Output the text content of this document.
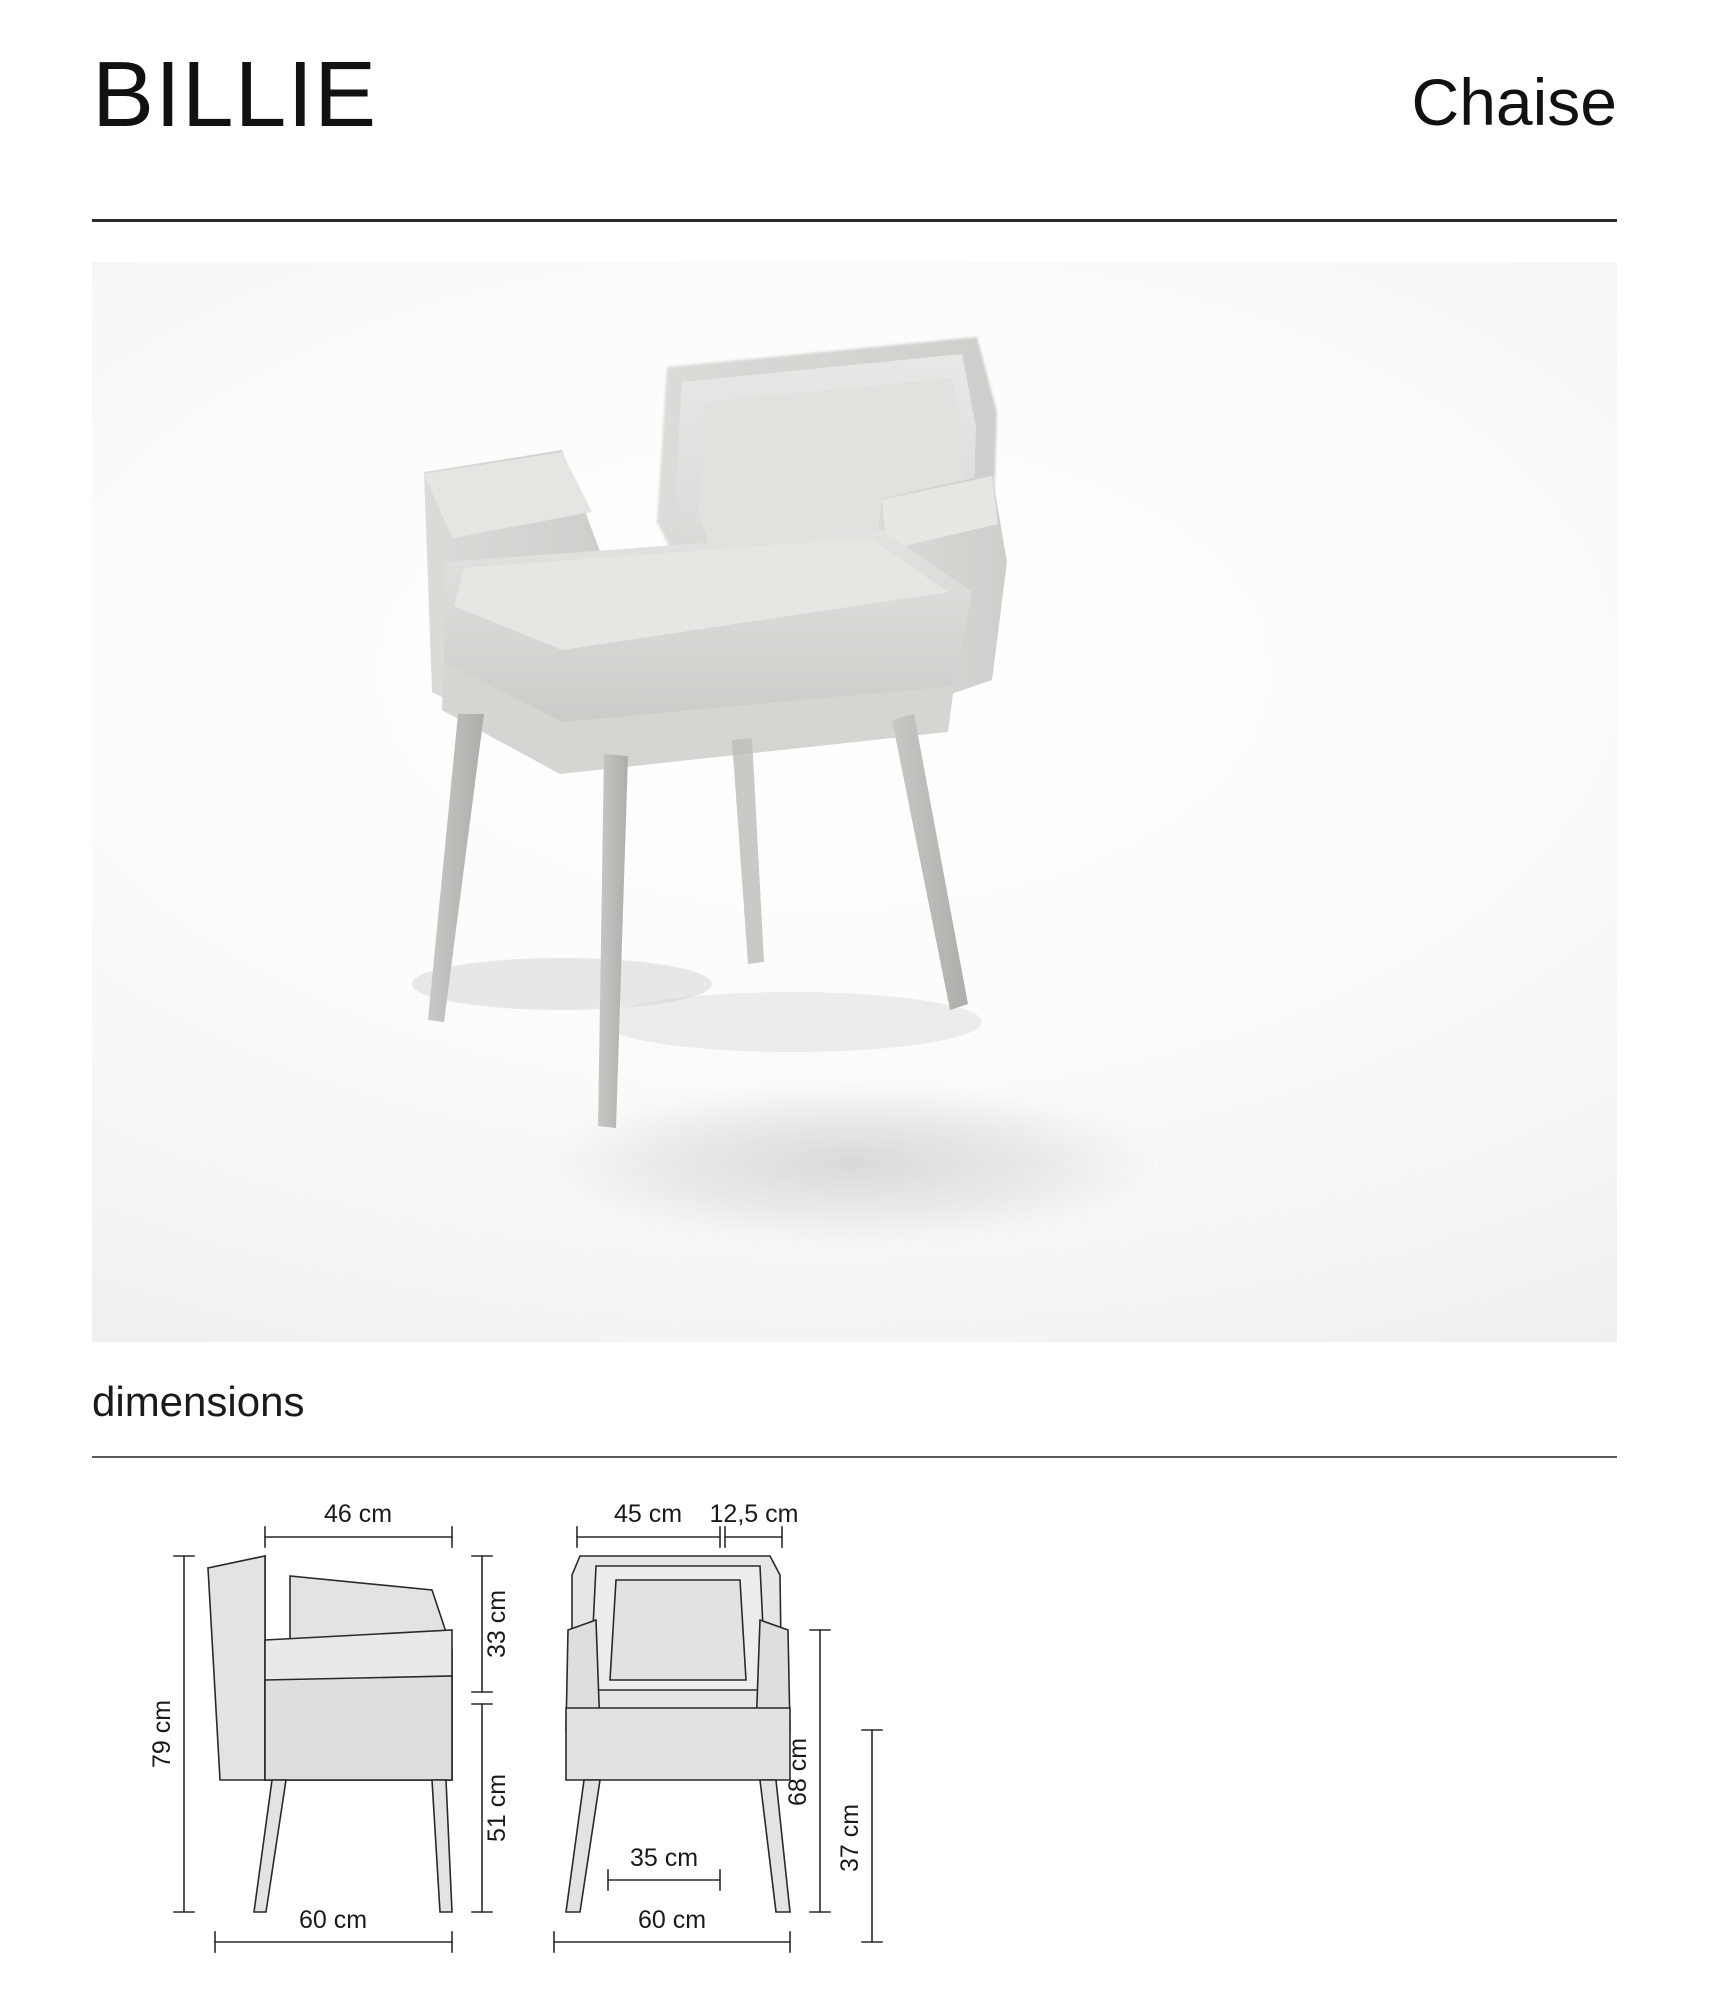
BILLIE	Chaise
dimensions
46 cm
79 cm
33 cm
51 cm
60 cm
45 cm 12,5 cm
35 cm
68 cm
37 cm
60 cm
